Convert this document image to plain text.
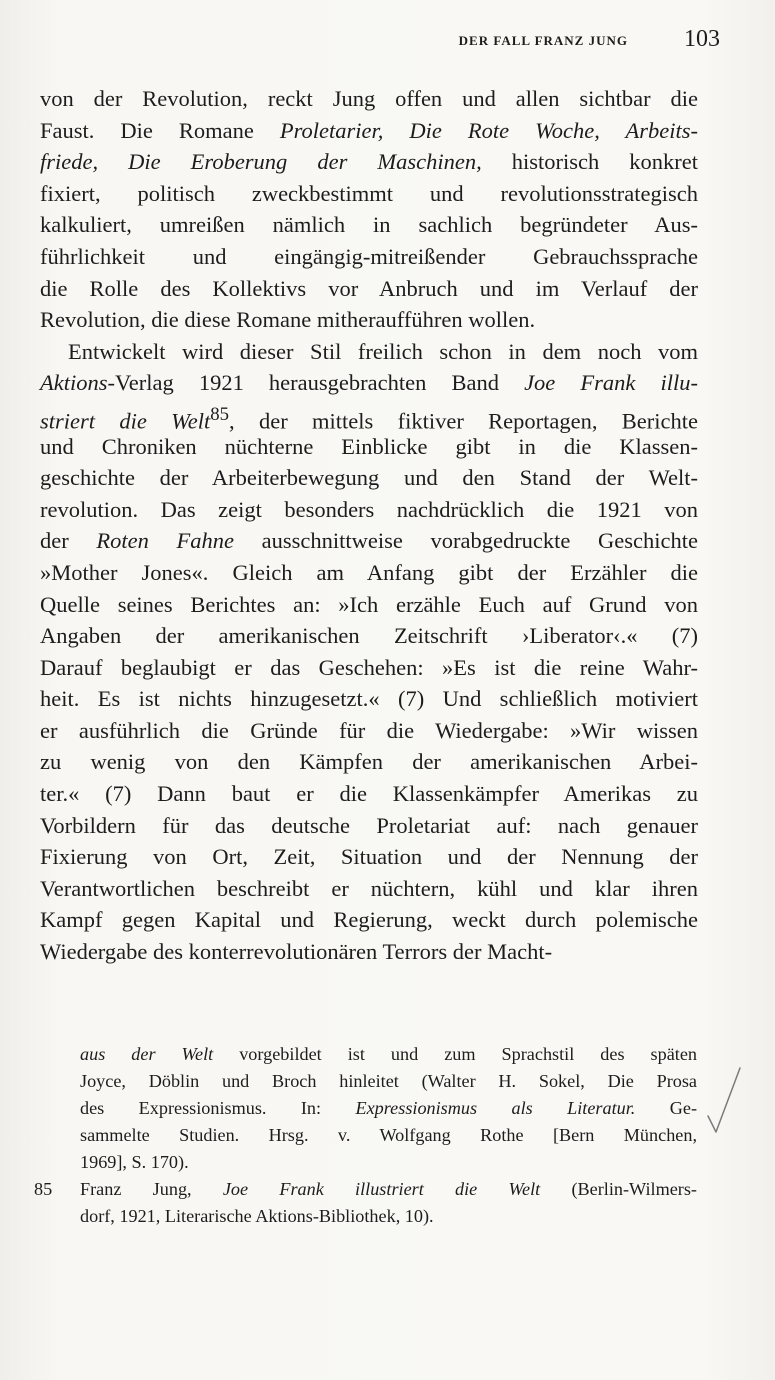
DER FALL FRANZ JUNG 103
von der Revolution, reckt Jung offen und allen sichtbar die
Faust. Die Romane Proletarier, Die Rote Woche, Arbeits-
friede, Die Eroberung der Maschinen, historisch konkret
fixiert, politisch zweckbestimmt und revolutionsstrategisch
kalkuliert, umreißen nämlich in sachlich begründeter Aus-
führlichkeit und eingängig-mitreißender Gebrauchssprache
die Rolle des Kollektivs vor Anbruch und im Verlauf der
Revolution, die diese Romane mitheraufführen wollen.
Entwickelt wird dieser Stil freilich schon in dem noch vom
Aktions-Verlag 1921 herausgebrachten Band Joe Frank illu-
striert die Welt$^{85}$, der mittels fiktiver Reportagen, Berichte
und Chroniken nüchterne Einblicke gibt in die Klassen-
geschichte der Arbeiterbewegung und den Stand der Welt-
revolution. Das zeigt besonders nachdrücklich die 1921 von
der Roten Fahne ausschnittweise vorabgedruckte Geschichte
»Mother Jones«. Gleich am Anfang gibt der Erzähler die
Quelle seines Berichtes an: »Ich erzähle Euch auf Grund von
Angaben der amerikanischen Zeitschrift ›Liberator‹.« (7)
Darauf beglaubigt er das Geschehen: »Es ist die reine Wahr-
heit. Es ist nichts hinzugesetzt.« (7) Und schließlich motiviert
er ausführlich die Gründe für die Wiedergabe: »Wir wissen
zu wenig von den Kämpfen der amerikanischen Arbei-
ter.« (7) Dann baut er die Klassenkämpfer Amerikas zu
Vorbildern für das deutsche Proletariat auf: nach genauer
Fixierung von Ort, Zeit, Situation und der Nennung der
Verantwortlichen beschreibt er nüchtern, kühl und klar ihren
Kampf gegen Kapital und Regierung, weckt durch polemische
Wiedergabe des konterrevolutionären Terrors der Macht-
aus der Welt vorgebildet ist und zum Sprachstil des späten
Joyce, Döblin und Broch hinleitet (Walter H. Sokel, Die Prosa
des Expressionismus. In: Expressionismus als Literatur. Ge-
sammelte Studien. Hrsg. v. Wolfgang Rothe [Bern München,
1969], S. 170).
85 Franz Jung, Joe Frank illustriert die Welt (Berlin-Wilmers-
dorf, 1921, Literarische Aktions-Bibliothek, 10).
